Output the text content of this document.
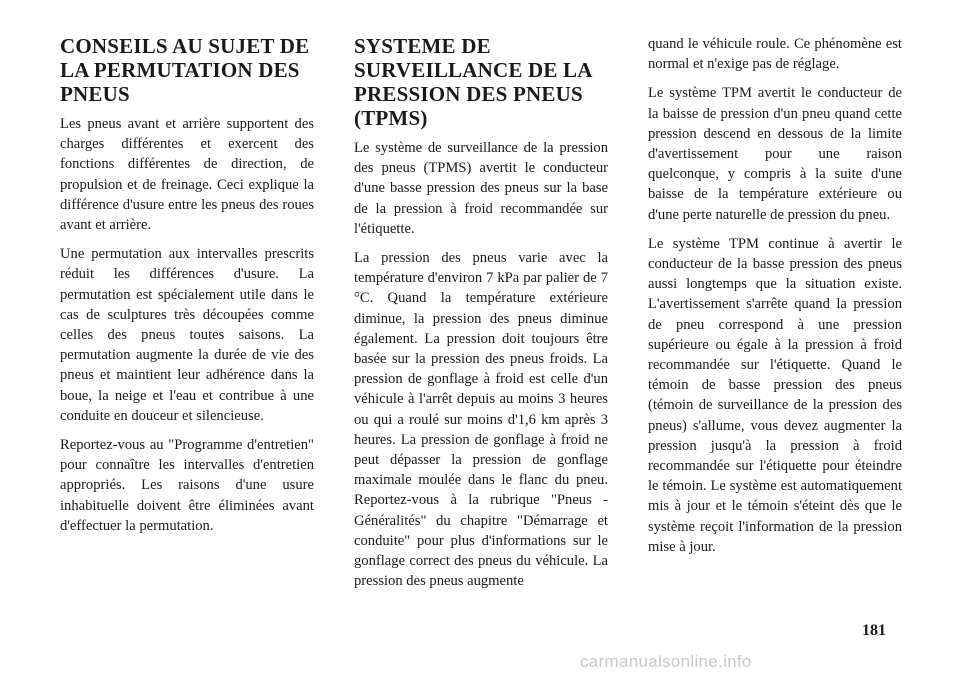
CONSEILS AU SUJET DE LA PERMUTATION DES PNEUS

Les pneus avant et arrière supportent des charges différentes et exercent des fonctions différentes de direction, de propulsion et de freinage. Ceci explique la différence d'usure entre les pneus des roues avant et arrière.

Une permutation aux intervalles prescrits réduit les différences d'usure. La permutation est spécialement utile dans le cas de sculptures très découpées comme celles des pneus toutes saisons. La permutation augmente la durée de vie des pneus et maintient leur adhérence dans la boue, la neige et l'eau et contribue à une conduite en douceur et silencieuse.

Reportez-vous au "Programme d'entretien" pour connaître les intervalles d'entretien appropriés. Les raisons d'une usure inhabituelle doivent être éliminées avant d'effectuer la permutation.

SYSTEME DE SURVEILLANCE DE LA PRESSION DES PNEUS (TPMS)

Le système de surveillance de la pression des pneus (TPMS) avertit le conducteur d'une basse pression des pneus sur la base de la pression à froid recommandée sur l'étiquette.

La pression des pneus varie avec la température d'environ 7 kPa par palier de 7 °C. Quand la température extérieure diminue, la pression des pneus diminue également. La pression doit toujours être basée sur la pression des pneus froids. La pression de gonflage à froid est celle d'un véhicule à l'arrêt depuis au moins 3 heures ou qui a roulé sur moins d'1,6 km après 3 heures. La pression de gonflage à froid ne peut dépasser la pression de gonflage maximale moulée dans le flanc du pneu. Reportez-vous à la rubrique "Pneus - Généralités" du chapitre "Démarrage et conduite" pour plus d'informations sur le gonflage correct des pneus du véhicule. La pression des pneus augmente

quand le véhicule roule. Ce phénomène est normal et n'exige pas de réglage.

Le système TPM avertit le conducteur de la baisse de pression d'un pneu quand cette pression descend en dessous de la limite d'avertissement pour une raison quelconque, y compris à la suite d'une baisse de la température extérieure ou d'une perte naturelle de pression du pneu.

Le système TPM continue à avertir le conducteur de la basse pression des pneus aussi longtemps que la situation existe. L'avertissement s'arrête quand la pression de pneu correspond à une pression supérieure ou égale à la pression à froid recommandée sur l'étiquette. Quand le témoin de basse pression des pneus (témoin de surveillance de la pression des pneus) s'allume, vous devez augmenter la pression jusqu'à la pression à froid recommandée sur l'étiquette pour éteindre le témoin. Le système est automatiquement mis à jour et le témoin s'éteint dès que le système reçoit l'information de la pression mise à jour.

181
carmanualsonline.info
